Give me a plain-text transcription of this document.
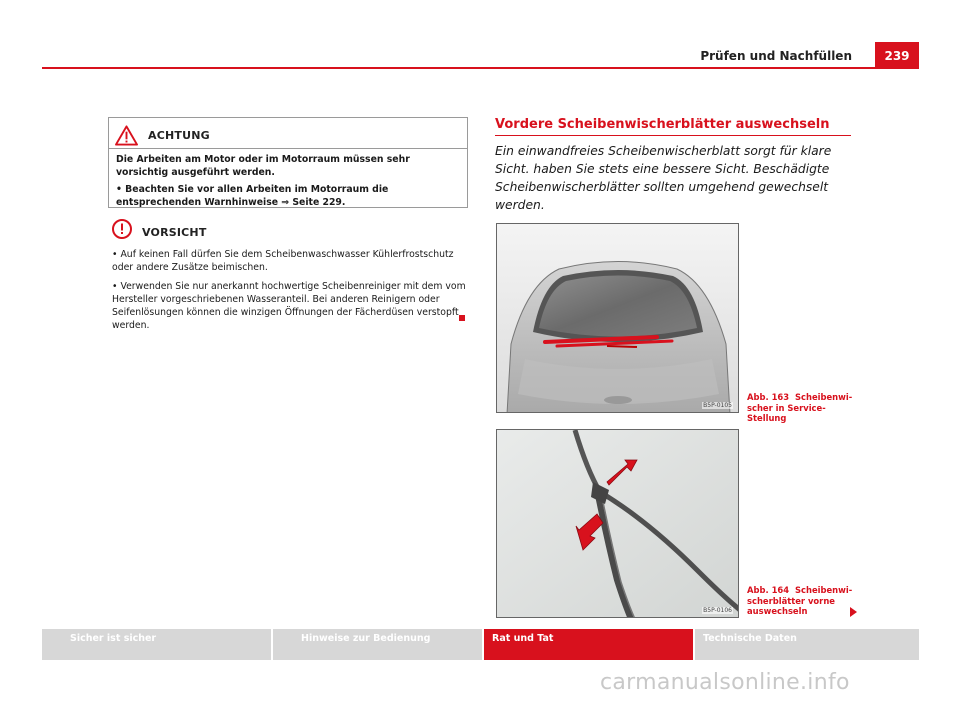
Prüfen und Nachfüllen	239
ACHTUNG

Die Arbeiten am Motor oder im Motorraum müssen sehr vorsichtig ausgeführt werden.

• Beachten Sie vor allen Arbeiten im Motorraum die entsprechenden Warnhinweise ⇒ Seite 229.

VORSICHT

• Auf keinen Fall dürfen Sie dem Scheibenwaschwasser Kühlerfrostschutz oder andere Zusätze beimischen.

• Verwenden Sie nur anerkannt hochwertige Scheibenreiniger mit dem vom Hersteller vorgeschriebenen Wasseranteil. Bei anderen Reinigern oder Seifenlösungen können die winzigen Öffnungen der Fächerdüsen verstopft werden.

Vordere Scheibenwischerblätter auswechseln
Ein einwandfreies Scheibenwischerblatt sorgt für klare Sicht. haben Sie stets eine bessere Sicht. Beschädigte Scheibenwischerblätter sollten umgehend gewechselt werden.
B5P-0105
Abb. 163 Scheibenwischer in Service-Stellung
B5P-0106
Abb. 164 Scheibenwischerblätter vorne auswechseln
Sicher ist sicher	Hinweise zur Bedienung	Rat und Tat	Technische Daten
carmanualsonline.info
